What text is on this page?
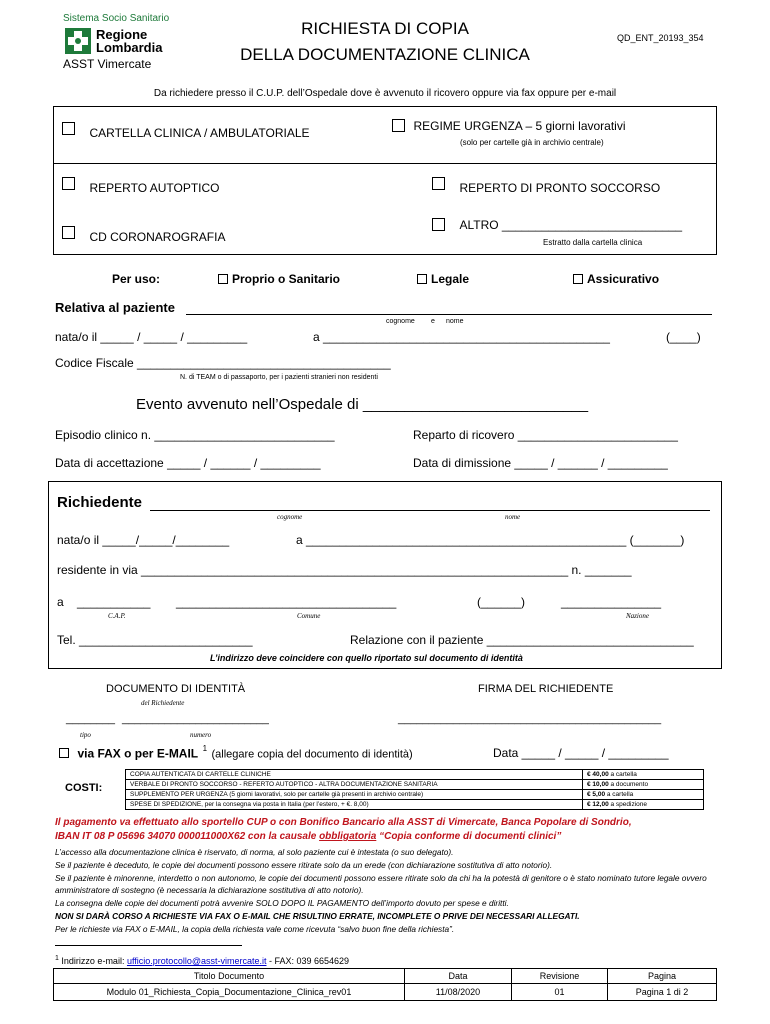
Sistema Socio Sanitario
Regione
Lombardia
ASST Vimercate
RICHIESTA DI COPIA
DELLA DOCUMENTAZIONE CLINICA
QD_ENT_20193_354
Da richiedere presso il C.U.P. dell’Ospedale dove è avvenuto il ricovero oppure via fax oppure per e-mail
$_{CARTELLA CLINICA / AMBULATORIALE}$	REGIME URGENZA – 5 giorni lavorativi
(solo per cartelle già in archivio centrale)
$_{REPERTO AUTOPTICO}$	$_{REPERTO DI PRONTO SOCCORSO}$
$_{CD CORONAROGRAFIA}$
ALTRO ___________________________
Estratto dalla cartella clinica
Per uso:	Proprio o Sanitario	Legale	Assicurativo
Relativa al paziente
cognome e nome
nata/o il _____ / _____ / _________	a ___________________________________________	(____)
Codice Fiscale ______________________________________
N. di TEAM o di passaporto, per i pazienti stranieri non residenti
Evento avvenuto nell’Ospedale di ___________________________
Episodio clinico n. ___________________________	Reparto di ricovero ________________________
Data di accettazione _____ / ______ / _________	Data di dimissione _____ / ______ / _________
Richiedente
cognome	nome
nata/o il _____/_____/________	a ________________________________________________ (_______)
residente in via ________________________________________________________________ n. _______
a ___________ _________________________________	(______)	_______________
C.A.P.	Comune	Nazione
Tel. __________________________	Relazione con il paziente _______________________________
L’indirizzo deve coincidere con quello riportato sul documento di identità
DOCUMENTO DI IDENTITÀ
del Richiedente
________ ________________________
tipo	numero
FIRMA DEL RICHIEDENTE
___________________________________________
via FAX o per E-MAIL $^1$ (allegare copia del documento di identità)	Data _____ / _____ / _________
COSTI:
COPIA AUTENTICATA DI CARTELLE CLINICHE	€ 40,00 a cartella
VERBALE DI PRONTO SOCCORSO - REFERTO AUTOPTICO - ALTRA DOCUMENTAZIONE SANITARIA	€ 10,00 a documento
SUPPLEMENTO PER URGENZA (5 giorni lavorativi, solo per cartelle già presenti in archivio centrale)	€ 5,00 a cartella
SPESE DI SPEDIZIONE, per la consegna via posta in Italia (per l’estero, + €. 8,00)	€ 12,00 a spedizione
Il pagamento va effettuato allo sportello CUP o con Bonifico Bancario alla ASST di Vimercate, Banca Popolare di Sondrio,
IBAN IT 08 P 05696 34070 000011000X62 con la causale obbligatoria “Copia conforme di documenti clinici”
L’accesso alla documentazione clinica è riservato, di norma, al solo paziente cui è intestata (o suo delegato).
Se il paziente è deceduto, le copie dei documenti possono essere ritirate solo da un erede (con dichiarazione sostitutiva di atto notorio).
Se il paziente è minorenne, interdetto o non autonomo, le copie dei documenti possono essere ritirate solo da chi ha la potestà di genitore o è stato nominato tutore legale ovvero amministratore di sostegno (è necessaria la dichiarazione sostitutiva di atto notorio).
La consegna delle copie dei documenti potrà avvenire SOLO DOPO IL PAGAMENTO dell’importo dovuto per spese e diritti.
NON SI DARÀ CORSO A RICHIESTE VIA FAX O E-MAIL CHE RISULTINO ERRATE, INCOMPLETE O PRIVE DEI NECESSARI ALLEGATI.
Per le richieste via FAX o E-MAIL, la copia della richiesta vale come ricevuta “salvo buon fine della richiesta”.
$^1$ Indirizzo e-mail: ufficio.protocollo@asst-vimercate.it - FAX: 039 6654629
Titolo Documento	Data	Revisione	Pagina
Modulo 01_Richiesta_Copia_Documentazione_Clinica_rev01	11/08/2020	01	Pagina 1 di 2
